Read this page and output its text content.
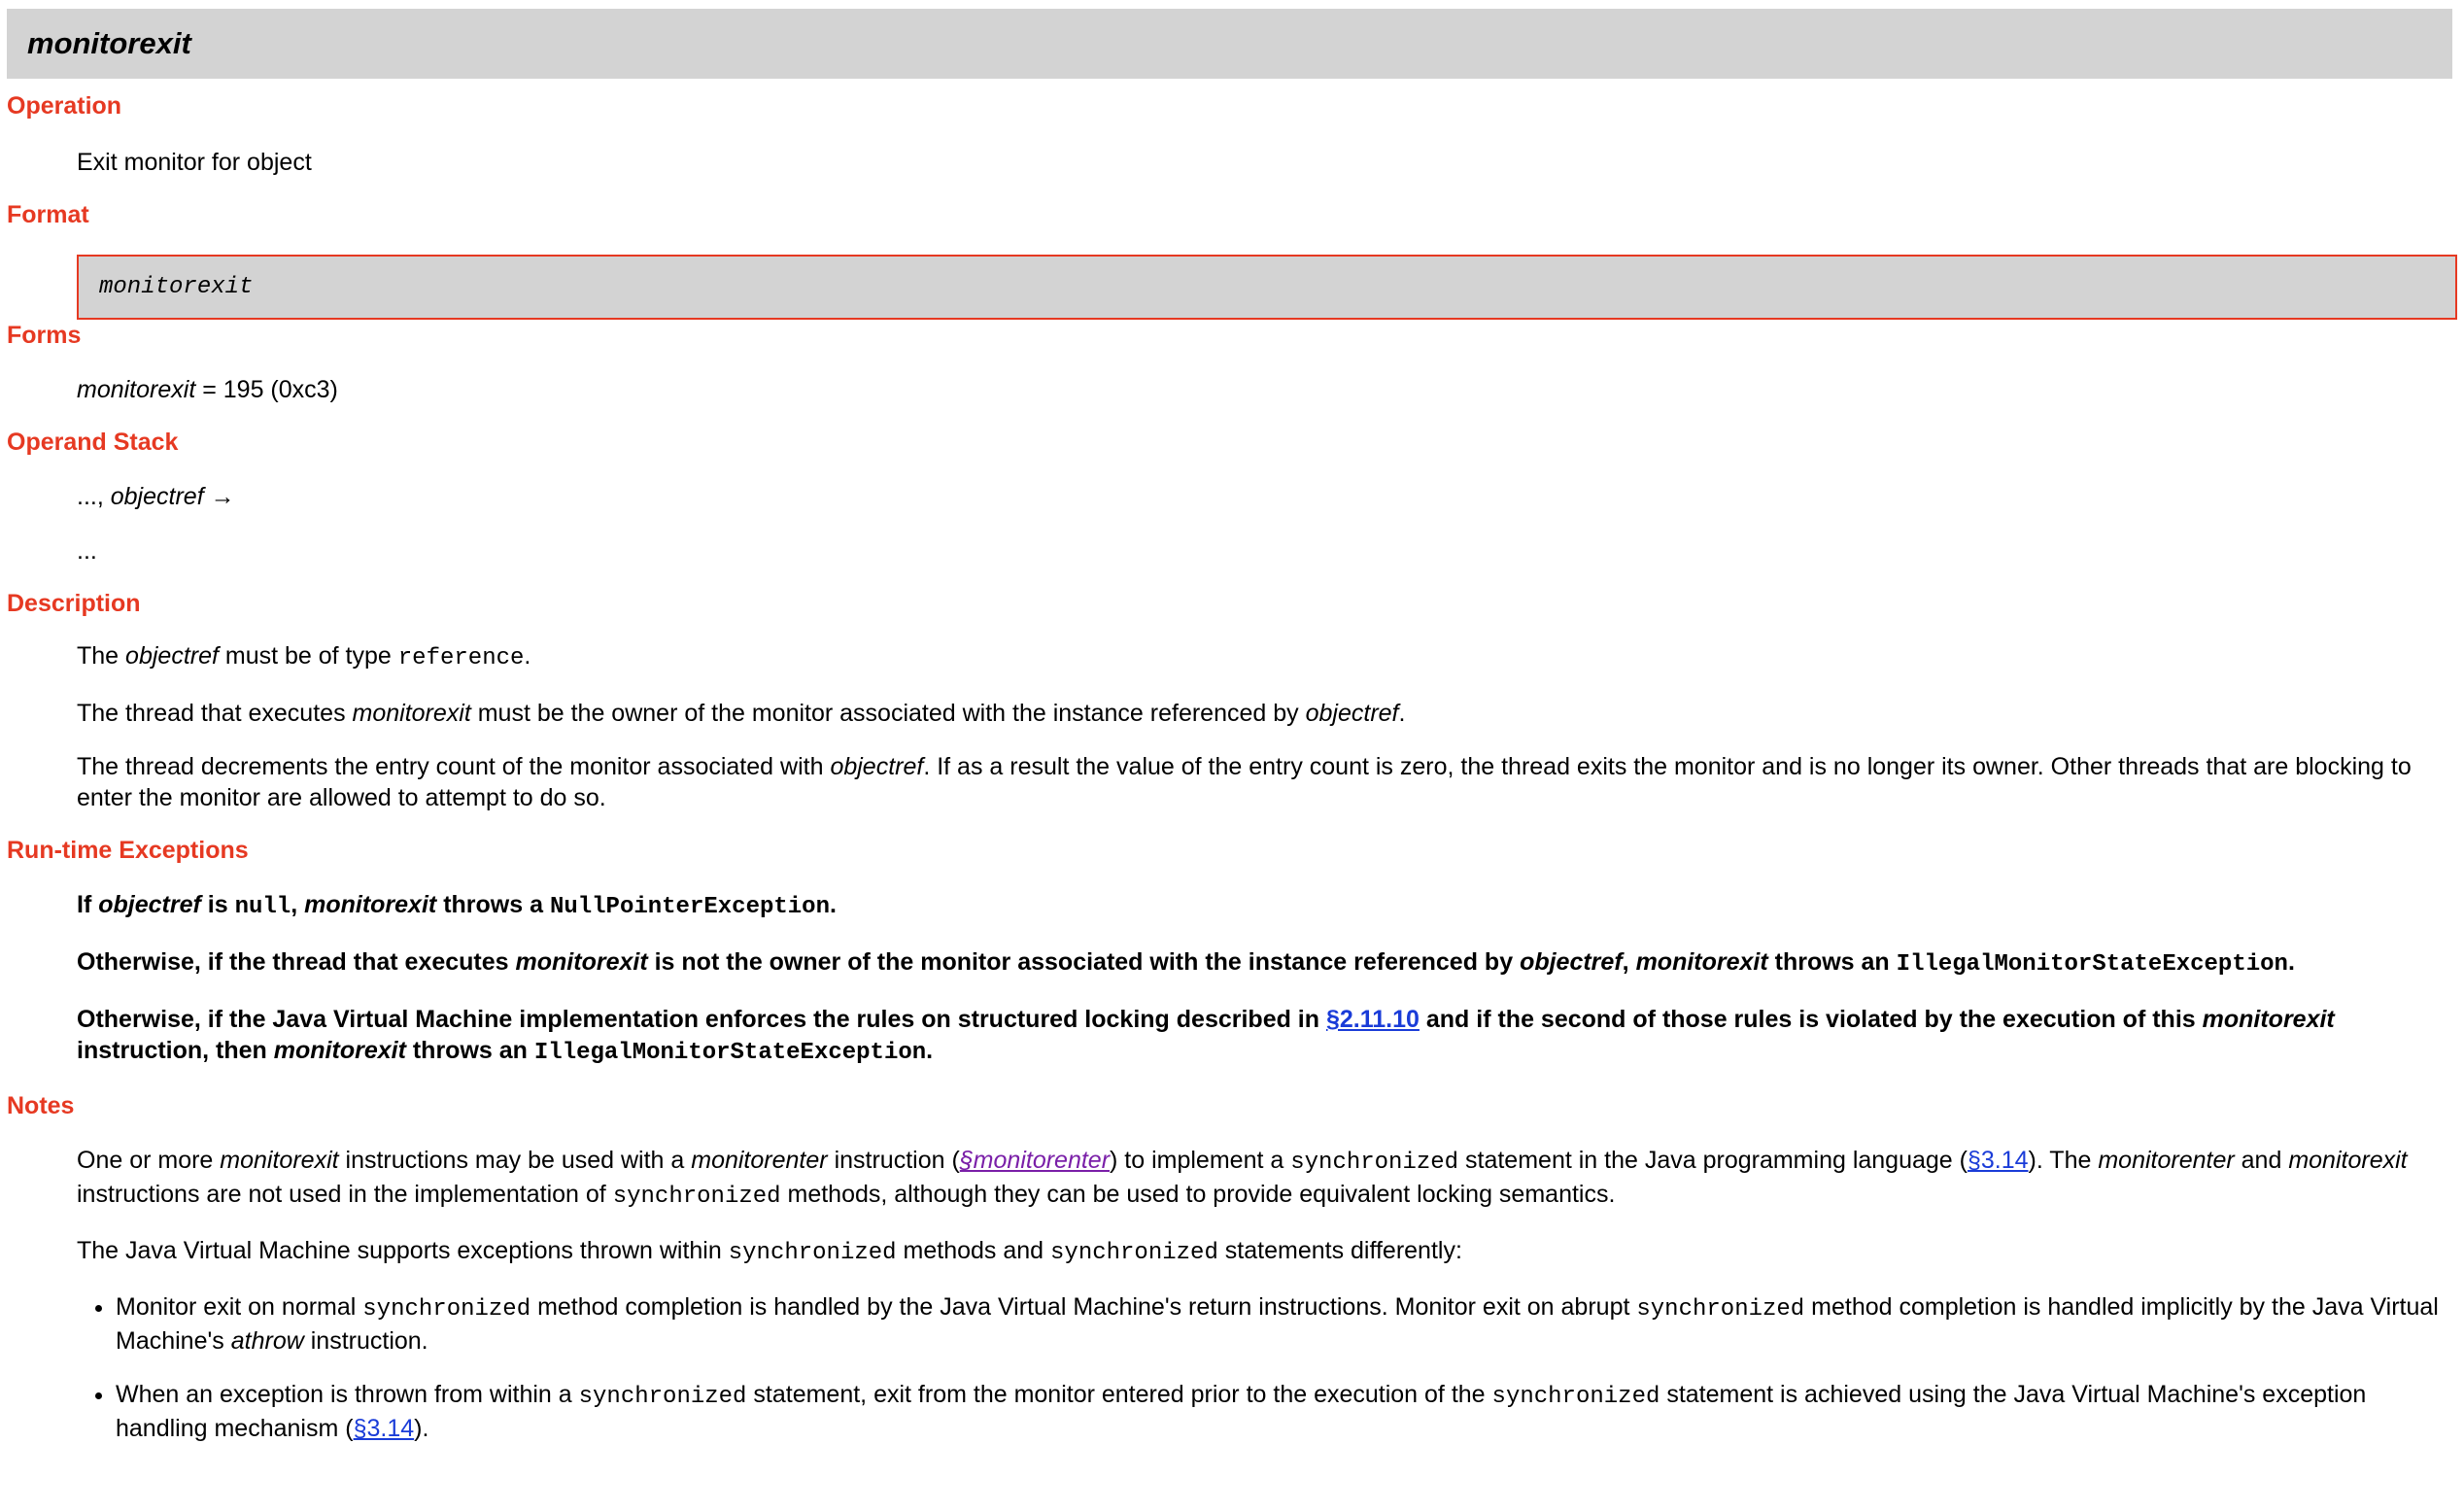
monitorexit
Operation

Exit monitor for object

Format
monitorexit
Forms

monitorexit = 195 (0xc3)

Operand Stack

..., objectref →

...

Description

The objectref must be of type reference.

The thread that executes monitorexit must be the owner of the monitor associated with the instance referenced by objectref.

The thread decrements the entry count of the monitor associated with objectref. If as a result the value of the entry count is zero, the thread exits the monitor and is no longer its owner. Other threads that are blocking to enter the monitor are allowed to attempt to do so.

Run-time Exceptions

If objectref is null, monitorexit throws a NullPointerException.

Otherwise, if the thread that executes monitorexit is not the owner of the monitor associated with the instance referenced by objectref, monitorexit throws an IllegalMonitorStateException.

Otherwise, if the Java Virtual Machine implementation enforces the rules on structured locking described in §2.11.10 and if the second of those rules is violated by the execution of this monitorexit instruction, then monitorexit throws an IllegalMonitorStateException.

Notes

One or more monitorexit instructions may be used with a monitorenter instruction (§monitorenter) to implement a synchronized statement in the Java programming language (§3.14). The monitorenter and monitorexit instructions are not used in the implementation of synchronized methods, although they can be used to provide equivalent locking semantics.

The Java Virtual Machine supports exceptions thrown within synchronized methods and synchronized statements differently:

• Monitor exit on normal synchronized method completion is handled by the Java Virtual Machine's return instructions. Monitor exit on abrupt synchronized method completion is handled implicitly by the Java Virtual Machine's athrow instruction.
• When an exception is thrown from within a synchronized statement, exit from the monitor entered prior to the execution of the synchronized statement is achieved using the Java Virtual Machine's exception handling mechanism (§3.14).
